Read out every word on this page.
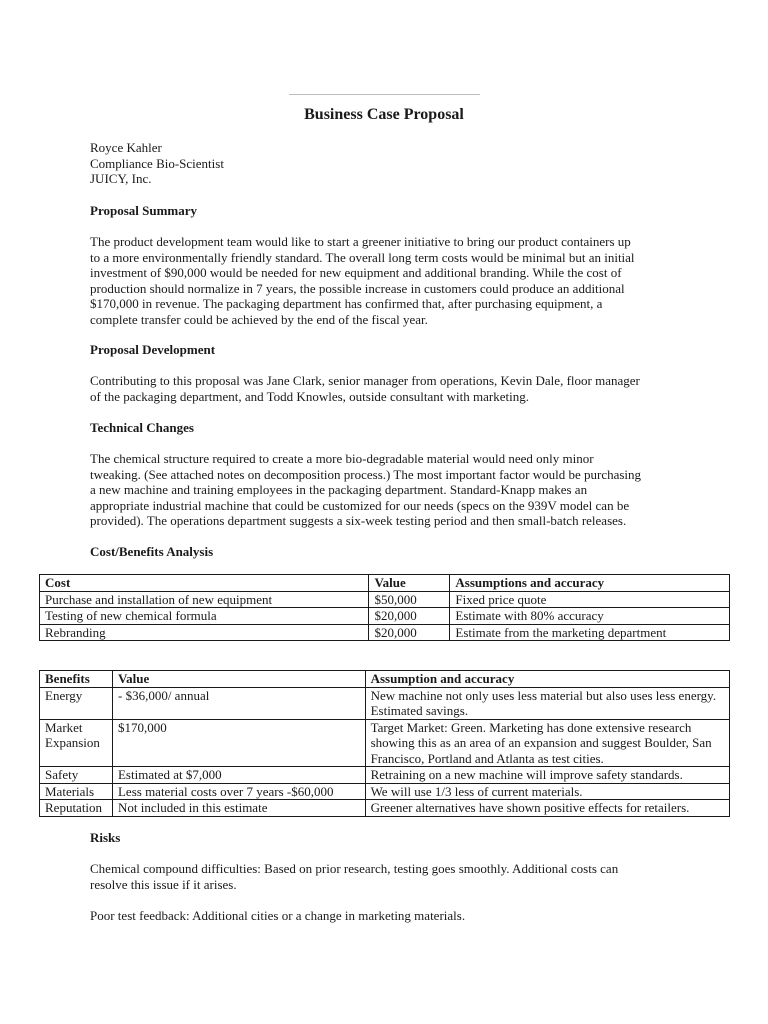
Business Case Proposal
Royce Kahler
Compliance Bio-Scientist
JUICY, Inc.
Proposal Summary
The product development team would like to start a greener initiative to bring our product containers up
to a more environmentally friendly standard. The overall long term costs would be minimal but an initial
investment of $90,000 would be needed for new equipment and additional branding. While the cost of
production should normalize in 7 years, the possible increase in customers could produce an additional
$170,000 in revenue. The packaging department has confirmed that, after purchasing equipment, a
complete transfer could be achieved by the end of the fiscal year.
Proposal Development
Contributing to this proposal was Jane Clark, senior manager from operations, Kevin Dale, floor manager
of the packaging department, and Todd Knowles, outside consultant with marketing.
Technical Changes
The chemical structure required to create a more bio-degradable material would need only minor
tweaking. (See attached notes on decomposition process.) The most important factor would be purchasing
a new machine and training employees in the packaging department. Standard-Knapp makes an
appropriate industrial machine that could be customized for our needs (specs on the 939V model can be
provided). The operations department suggests a six-week testing period and then small-batch releases.
Cost/Benefits Analysis
Cost	Value	Assumptions and accuracy
Purchase and installation of new equipment	$50,000	Fixed price quote
Testing of new chemical formula	$20,000	Estimate with 80% accuracy
Rebranding	$20,000	Estimate from the marketing department
Benefits	Value	Assumption and accuracy
Energy	- $36,000/ annual	New machine not only uses less material but also uses less energy. Estimated savings.
Market Expansion	$170,000	Target Market: Green. Marketing has done extensive research showing this as an area of an expansion and suggest Boulder, San Francisco, Portland and Atlanta as test cities.
Safety	Estimated at $7,000	Retraining on a new machine will improve safety standards.
Materials	Less material costs over 7 years -$60,000	We will use 1/3 less of current materials.
Reputation	Not included in this estimate	Greener alternatives have shown positive effects for retailers.
Risks
Chemical compound difficulties: Based on prior research, testing goes smoothly. Additional costs can
resolve this issue if it arises.
Poor test feedback: Additional cities or a change in marketing materials.
